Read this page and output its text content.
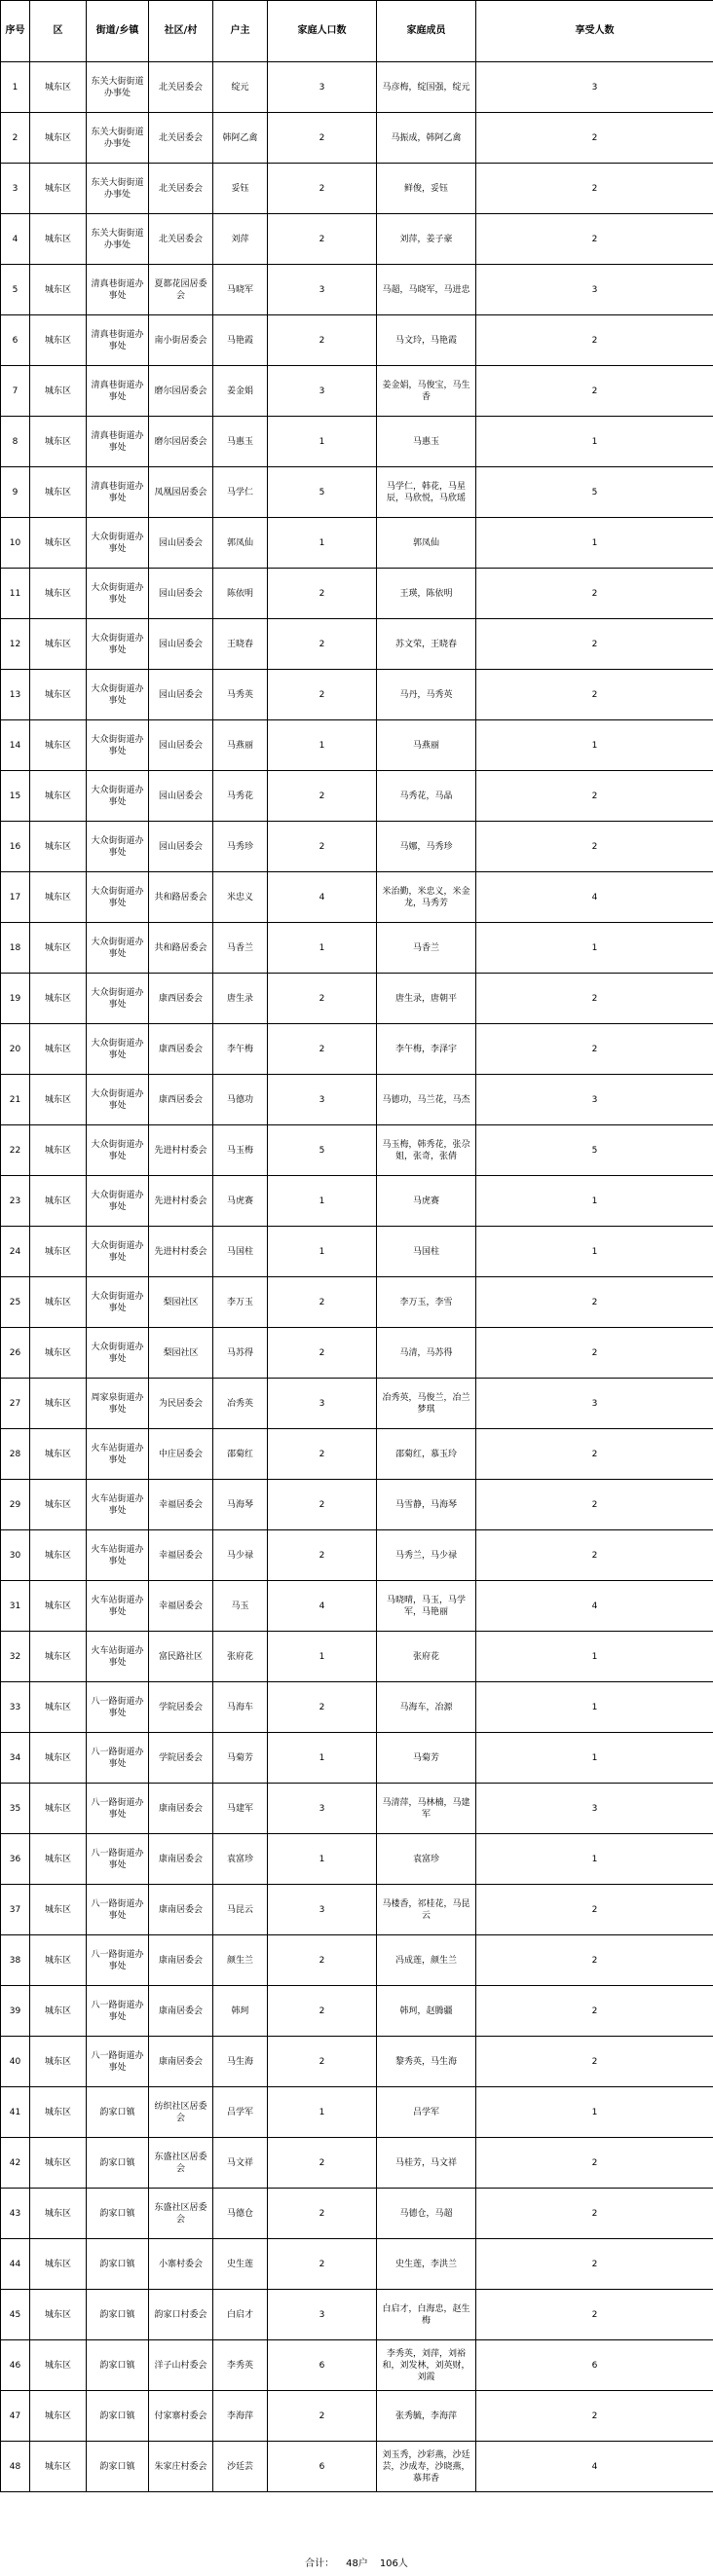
序号	区	街道/乡镇	社区/村	户主	家庭人口数	家庭成员	享受人数
1	城东区	东关大街街道办事处	北关居委会	绽元	3	马彦梅，绽国强，绽元	3
2	城东区	东关大街街道办事处	北关居委会	韩阿乙禽	2	马振成，韩阿乙禽	2
3	城东区	东关大街街道办事处	北关居委会	妥钰	2	鲜俊，妥钰	2
4	城东区	东关大街街道办事处	北关居委会	刘萍	2	刘萍，姜子豪	2
5	城东区	清真巷街道办事处	夏都花园居委会	马晓军	3	马超，马晓军，马进忠	3
6	城东区	清真巷街道办事处	南小街居委会	马艳霞	2	马文玲，马艳霞	2
7	城东区	清真巷街道办事处	磨尔园居委会	姜金娟	3	姜金娟，马俊宝，马生香	2
8	城东区	清真巷街道办事处	磨尔园居委会	马惠玉	1	马惠玉	1
9	城东区	清真巷街道办事处	凤凰园居委会	马学仁	5	马学仁，韩花，马星辰，马欣悦，马欣瑶	5
10	城东区	大众街街道办事处	园山居委会	郭凤仙	1	郭凤仙	1
11	城东区	大众街街道办事处	园山居委会	陈依明	2	王瑛，陈依明	2
12	城东区	大众街街道办事处	园山居委会	王晓春	2	苏文荣，王晓春	2
13	城东区	大众街街道办事处	园山居委会	马秀英	2	马丹，马秀英	2
14	城东区	大众街街道办事处	园山居委会	马燕丽	1	马燕丽	1
15	城东区	大众街街道办事处	园山居委会	马秀花	2	马秀花，马晶	2
16	城东区	大众街街道办事处	园山居委会	马秀珍	2	马娜，马秀珍	2
17	城东区	大众街街道办事处	共和路居委会	米忠义	4	米治勤，米忠义，米金龙，马秀芳	4
18	城东区	大众街街道办事处	共和路居委会	马香兰	1	马香兰	1
19	城东区	大众街街道办事处	康西居委会	唐生录	2	唐生录，唐朝平	2
20	城东区	大众街街道办事处	康西居委会	李午梅	2	李午梅，李泽宇	2
21	城东区	大众街街道办事处	康西居委会	马德功	3	马德功，马兰花，马杰	3
22	城东区	大众街街道办事处	先进村村委会	马玉梅	5	马玉梅，韩秀花，张尕姐，张奇，张倩	5
23	城东区	大众街街道办事处	先进村村委会	马虎赛	1	马虎赛	1
24	城东区	大众街街道办事处	先进村村委会	马国柱	1	马国柱	1
25	城东区	大众街街道办事处	梨园社区	李万玉	2	李万玉，李雪	2
26	城东区	大众街街道办事处	梨园社区	马苏得	2	马清，马苏得	2
27	城东区	周家泉街道办事处	为民居委会	冶秀英	3	冶秀英，马俊兰，冶兰梦琪	3
28	城东区	火车站街道办事处	中庄居委会	邵菊红	2	邵菊红，慕玉玲	2
29	城东区	火车站街道办事处	幸福居委会	马海琴	2	马雪静，马海琴	2
30	城东区	火车站街道办事处	幸福居委会	马少禄	2	马秀兰，马少禄	2
31	城东区	火车站街道办事处	幸福居委会	马玉	4	马晓晴，马玉，马学军，马艳丽	4
32	城东区	火车站街道办事处	富民路社区	张府花	1	张府花	1
33	城东区	八一路街道办事处	学院居委会	马海车	2	马海车，冶源	1
34	城东区	八一路街道办事处	学院居委会	马菊芳	1	马菊芳	1
35	城东区	八一路街道办事处	康南居委会	马建军	3	马清萍，马林楠，马建军	3
36	城东区	八一路街道办事处	康南居委会	袁富珍	1	袁富珍	1
37	城东区	八一路街道办事处	康南居委会	马昆云	3	马楼香，祁桂花，马昆云	2
38	城东区	八一路街道办事处	康南居委会	颜生兰	2	冯成莲，颜生兰	2
39	城东区	八一路街道办事处	康南居委会	韩珂	2	韩珂，赵腾疆	2
40	城东区	八一路街道办事处	康南居委会	马生海	2	黎秀英，马生海	2
41	城东区	韵家口镇	纺织社区居委会	吕学军	1	吕学军	1
42	城东区	韵家口镇	东盛社区居委会	马文祥	2	马桂芳，马文祥	2
43	城东区	韵家口镇	东盛社区居委会	马德仓	2	马德仓，马超	2
44	城东区	韵家口镇	小寨村委会	史生莲	2	史生莲，李洪兰	2
45	城东区	韵家口镇	韵家口村委会	白启才	3	白启才，白海忠，赵生梅	2
46	城东区	韵家口镇	洋子山村委会	李秀英	6	李秀英，刘萍，刘裕和，刘发林，刘英财，刘霞	6
47	城东区	韵家口镇	付家寨村委会	李海萍	2	张秀毓，李海萍	2
48	城东区	韵家口镇	朱家庄村委会	沙廷芸	6	刘玉秀，沙彩燕，沙廷芸，沙成寿，沙晓燕，慕邦香	4
合计： 48户 106人
